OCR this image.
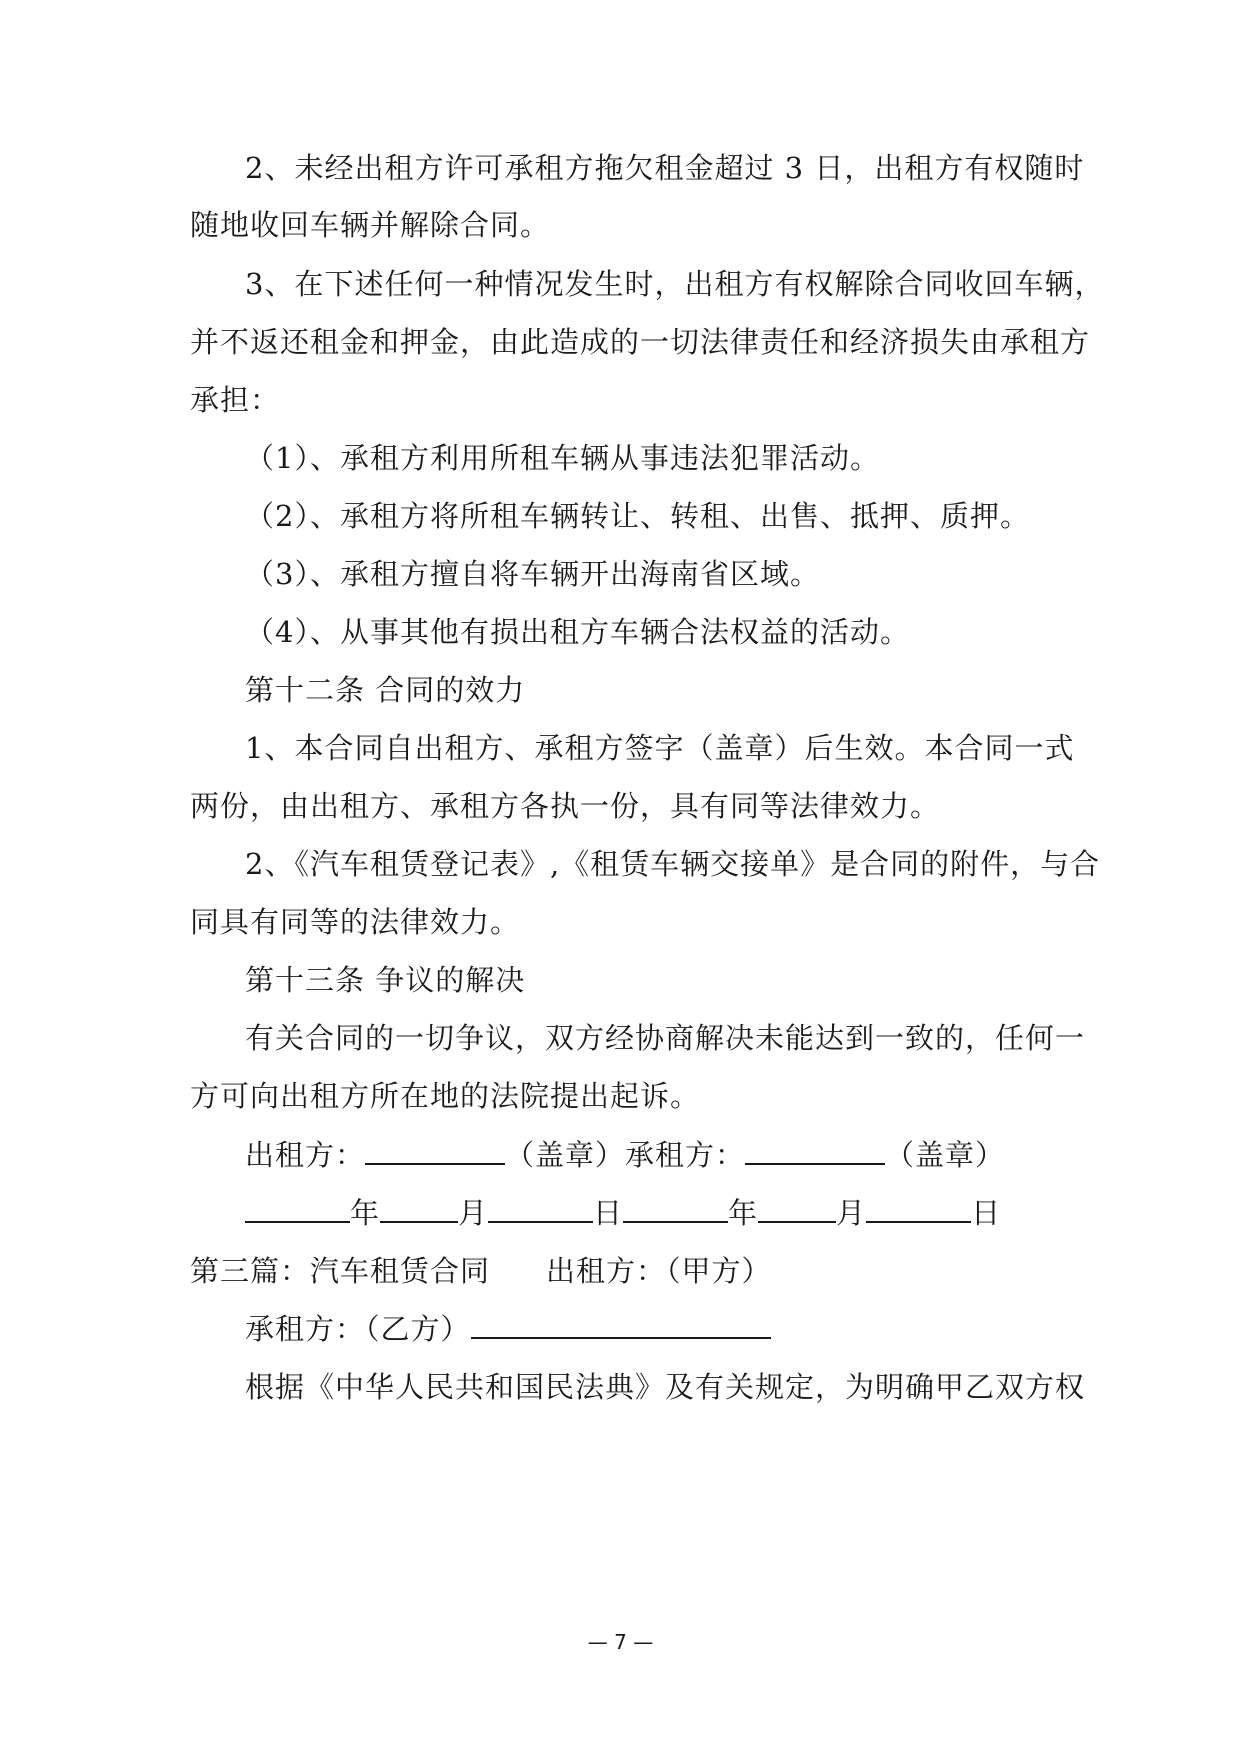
2、未经出租方许可承租方拖欠租金超过 3 日，出租方有权随时
随地收回车辆并解除合同。
3、在下述任何一种情况发生时，出租方有权解除合同收回车辆，
并不返还租金和押金，由此造成的一切法律责任和经济损失由承租方
承担：
（1）、承租方利用所租车辆从事违法犯罪活动。
（2）、承租方将所租车辆转让、转租、出售、抵押、质押。
（3）、承租方擅自将车辆开出海南省区域。
（4）、从事其他有损出租方车辆合法权益的活动。
第十二条 合同的效力
1、本合同自出租方、承租方签字（盖章）后生效。本合同一式
两份，由出租方、承租方各执一份，具有同等法律效力。
2、《汽车租赁登记表》,《租赁车辆交接单》是合同的附件，与合
同具有同等的法律效力。
第十三条 争议的解决
有关合同的一切争议，双方经协商解决未能达到一致的，任何一
方可向出租方所在地的法院提出起诉。
出租方：	（盖章）承租方：	（盖章）
年	月	日	年	月	日
第三篇：汽车租赁合同 出租方：（甲方）
承租方：（乙方）
根据《中华人民共和国民法典》及有关规定，为明确甲乙双方权
— 7 —
